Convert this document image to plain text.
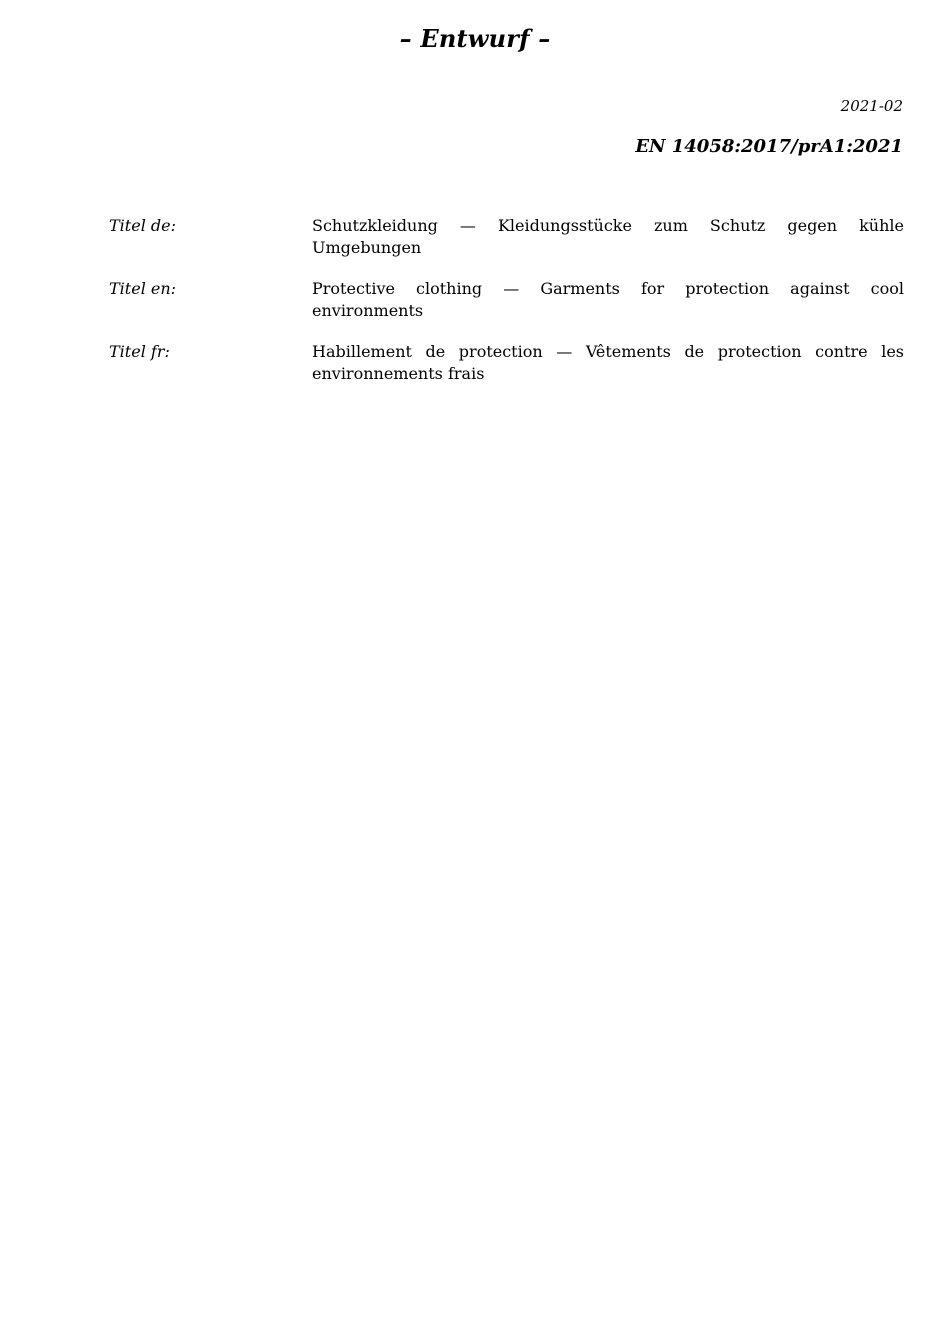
– Entwurf –
2021-02
EN 14058:2017/prA1:2021
Titel de:	Schutzkleidung — Kleidungsstücke zum Schutz gegen kühle Umgebungen
Titel en:	Protective clothing — Garments for protection against cool environments
Titel fr:	Habillement de protection — Vêtements de protection contre les environnements frais
